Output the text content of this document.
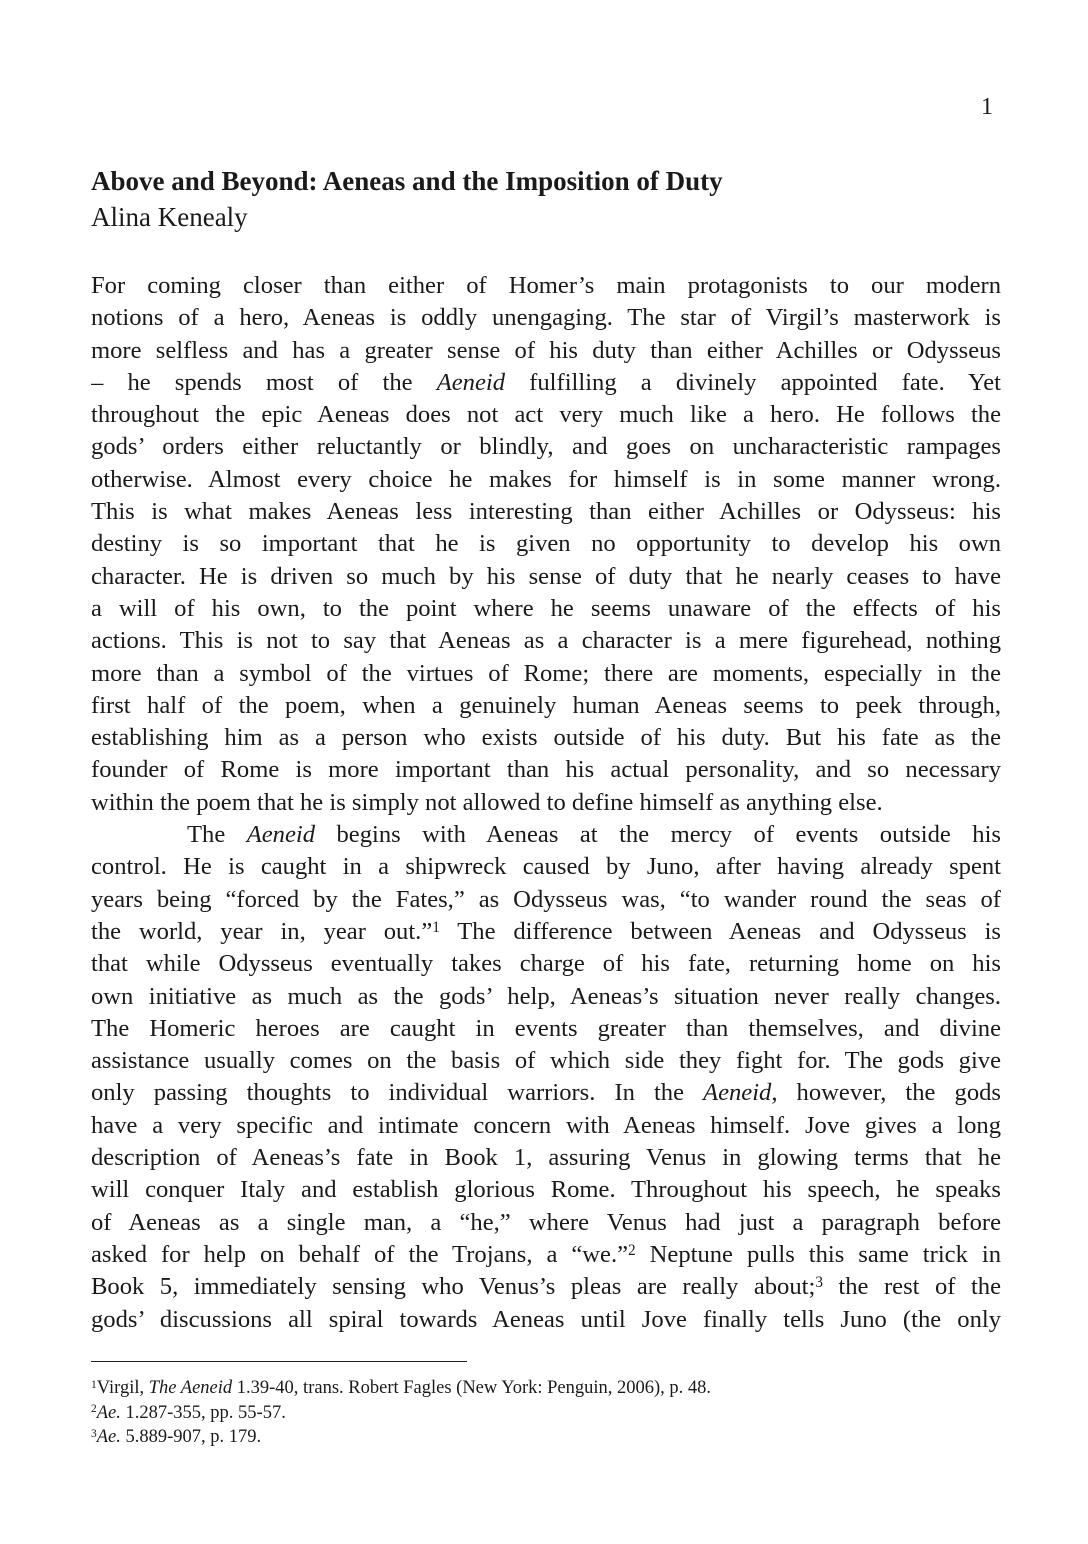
1
Above and Beyond: Aeneas and the Imposition of Duty
Alina Kenealy
For coming closer than either of Homer’s main protagonists to our modern
notions of a hero, Aeneas is oddly unengaging. The star of Virgil’s masterwork is
more selfless and has a greater sense of his duty than either Achilles or Odysseus
– he spends most of the Aeneid fulfilling a divinely appointed fate. Yet
throughout the epic Aeneas does not act very much like a hero. He follows the
gods’ orders either reluctantly or blindly, and goes on uncharacteristic rampages
otherwise. Almost every choice he makes for himself is in some manner wrong.
This is what makes Aeneas less interesting than either Achilles or Odysseus: his
destiny is so important that he is given no opportunity to develop his own
character. He is driven so much by his sense of duty that he nearly ceases to have
a will of his own, to the point where he seems unaware of the effects of his
actions. This is not to say that Aeneas as a character is a mere figurehead, nothing
more than a symbol of the virtues of Rome; there are moments, especially in the
first half of the poem, when a genuinely human Aeneas seems to peek through,
establishing him as a person who exists outside of his duty. But his fate as the
founder of Rome is more important than his actual personality, and so necessary
within the poem that he is simply not allowed to define himself as anything else.
The Aeneid begins with Aeneas at the mercy of events outside his
control. He is caught in a shipwreck caused by Juno, after having already spent
years being “forced by the Fates,” as Odysseus was, “to wander round the seas of
the world, year in, year out.”$^1$ The difference between Aeneas and Odysseus is
that while Odysseus eventually takes charge of his fate, returning home on his
own initiative as much as the gods’ help, Aeneas’s situation never really changes.
The Homeric heroes are caught in events greater than themselves, and divine
assistance usually comes on the basis of which side they fight for. The gods give
only passing thoughts to individual warriors. In the Aeneid, however, the gods
have a very specific and intimate concern with Aeneas himself. Jove gives a long
description of Aeneas’s fate in Book 1, assuring Venus in glowing terms that he
will conquer Italy and establish glorious Rome. Throughout his speech, he speaks
of Aeneas as a single man, a “he,” where Venus had just a paragraph before
asked for help on behalf of the Trojans, a “we.”$^2$ Neptune pulls this same trick in
Book 5, immediately sensing who Venus’s pleas are really about;$^3$ the rest of the
gods’ discussions all spiral towards Aeneas until Jove finally tells Juno (the only
$^1$Virgil, The Aeneid 1.39-40, trans. Robert Fagles (New York: Penguin, 2006), p. 48.
$^2$Ae. 1.287-355, pp. 55-57.
$^3$Ae. 5.889-907, p. 179.
